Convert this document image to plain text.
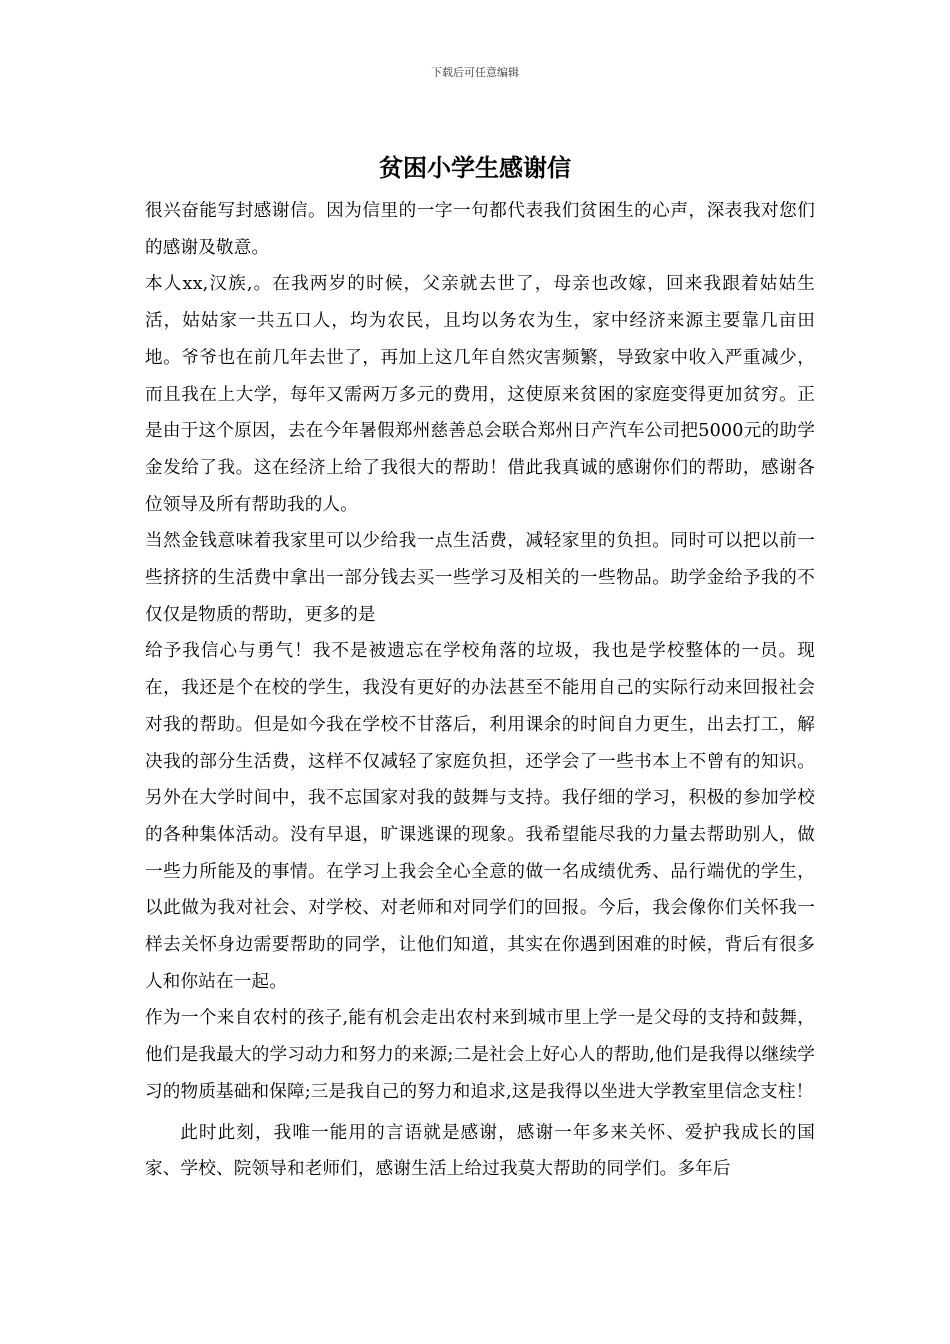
下载后可任意编辑
贫困小学生感谢信

很兴奋能写封感谢信。因为信里的一字一句都代表我们贫困生的心声，深表我对您们的感谢及敬意。

本人xx,汉族,。在我两岁的时候，父亲就去世了，母亲也改嫁，回来我跟着姑姑生活，姑姑家一共五口人，均为农民，且均以务农为生，家中经济来源主要靠几亩田地。爷爷也在前几年去世了，再加上这几年自然灾害频繁，导致家中收入严重减少，而且我在上大学，每年又需两万多元的费用，这使原来贫困的家庭变得更加贫穷。正是由于这个原因，去在今年暑假郑州慈善总会联合郑州日产汽车公司把5000元的助学金发给了我。这在经济上给了我很大的帮助！借此我真诚的感谢你们的帮助，感谢各位领导及所有帮助我的人。

当然金钱意味着我家里可以少给我一点生活费，减轻家里的负担。同时可以把以前一些挤挤的生活费中拿出一部分钱去买一些学习及相关的一些物品。助学金给予我的不仅仅是物质的帮助，更多的是

给予我信心与勇气！我不是被遗忘在学校角落的垃圾，我也是学校整体的一员。现在，我还是个在校的学生，我没有更好的办法甚至不能用自己的实际行动来回报社会对我的帮助。但是如今我在学校不甘落后，利用课余的时间自力更生，出去打工，解决我的部分生活费，这样不仅减轻了家庭负担，还学会了一些书本上不曾有的知识。另外在大学时间中，我不忘国家对我的鼓舞与支持。我仔细的学习，积极的参加学校的各种集体活动。没有早退，旷课逃课的现象。我希望能尽我的力量去帮助别人，做一些力所能及的事情。在学习上我会全心全意的做一名成绩优秀、品行端优的学生，以此做为我对社会、对学校、对老师和对同学们的回报。今后，我会像你们关怀我一样去关怀身边需要帮助的同学，让他们知道，其实在你遇到困难的时候，背后有很多人和你站在一起。

作为一个来自农村的孩子,能有机会走出农村来到城市里上学一是父母的支持和鼓舞，他们是我最大的学习动力和努力的来源;二是社会上好心人的帮助,他们是我得以继续学习的物质基础和保障;三是我自己的努力和追求,这是我得以坐进大学教室里信念支柱！

此时此刻，我唯一能用的言语就是感谢，感谢一年多来关怀、爱护我成长的国家、学校、院领导和老师们，感谢生活上给过我莫大帮助的同学们。多年后
